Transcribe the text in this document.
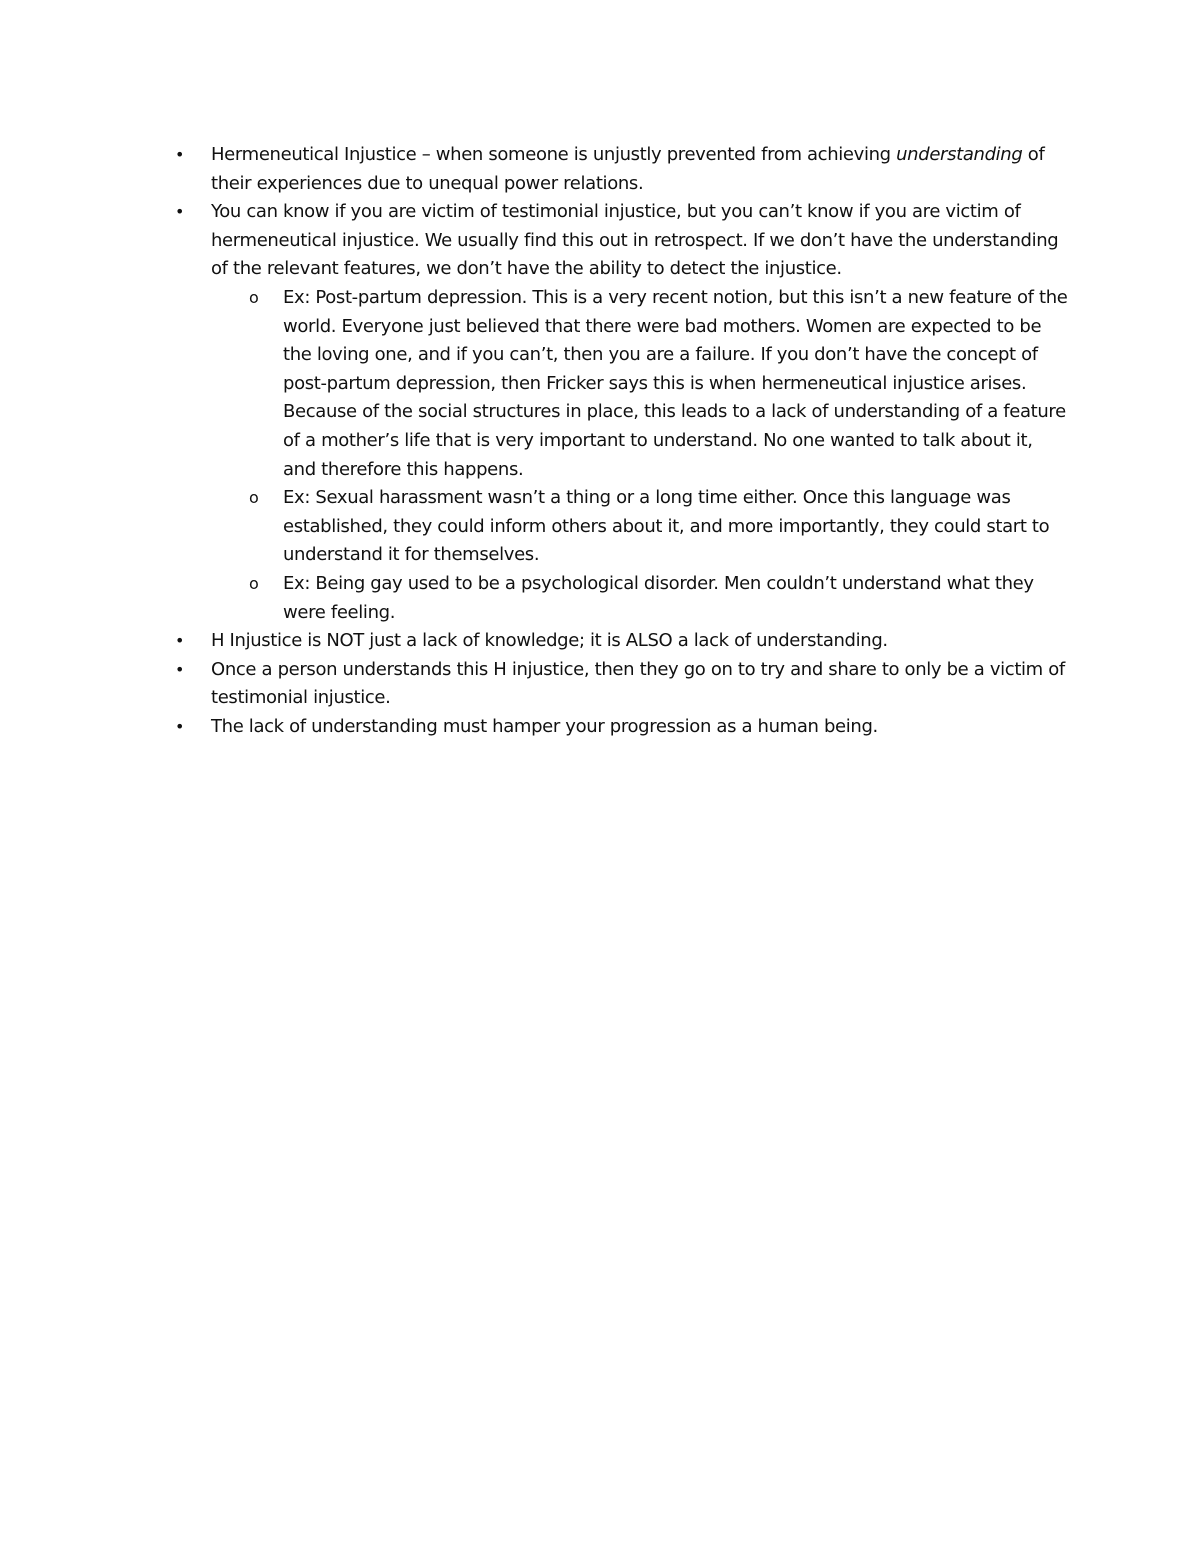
•	Hermeneutical Injustice – when someone is unjustly prevented from achieving understanding of their experiences due to unequal power relations.
•	You can know if you are victim of testimonial injustice, but you can’t know if you are victim of hermeneutical injustice. We usually find this out in retrospect. If we don’t have the understanding of the relevant features, we don’t have the ability to detect the injustice.
o	Ex: Post-partum depression. This is a very recent notion, but this isn’t a new feature of the world. Everyone just believed that there were bad mothers. Women are expected to be the loving one, and if you can’t, then you are a failure. If you don’t have the concept of post-partum depression, then Fricker says this is when hermeneutical injustice arises. Because of the social structures in place, this leads to a lack of understanding of a feature of a mother’s life that is very important to understand. No one wanted to talk about it, and therefore this happens.
o	Ex: Sexual harassment wasn’t a thing or a long time either. Once this language was established, they could inform others about it, and more importantly, they could start to understand it for themselves.
o	Ex: Being gay used to be a psychological disorder. Men couldn’t understand what they were feeling.
•	H Injustice is NOT just a lack of knowledge; it is ALSO a lack of understanding.
•	Once a person understands this H injustice, then they go on to try and share to only be a victim of testimonial injustice.
•	The lack of understanding must hamper your progression as a human being.
